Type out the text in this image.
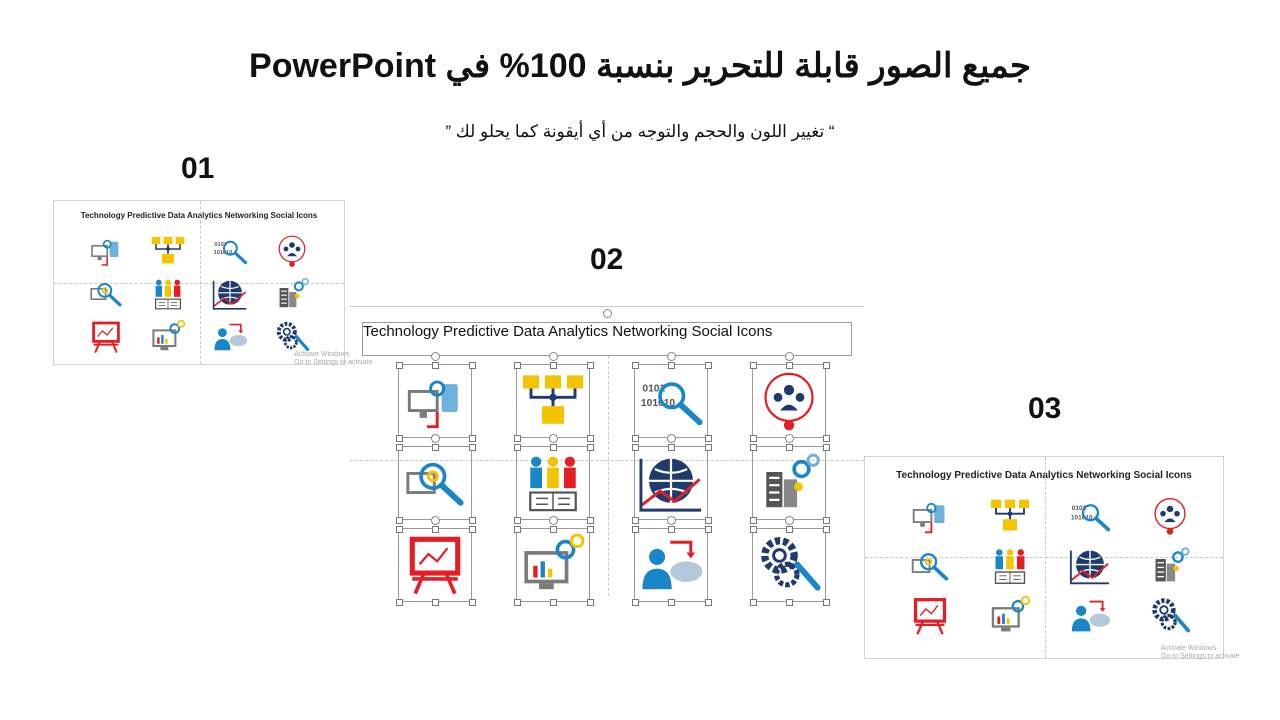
جميع الصور قابلة للتحرير بنسبة 100% في PowerPoint
“ تغيير اللون والحجم والتوجه من أي أيقونة كما يحلو لك ”
01
Technology Predictive Data Analytics Networking Social Icons
Activate Windows
Go to Settings to activate
0101
101010	02
Technology Predictive Data Analytics Networking Social Icons
0101
101010	03
Technology Predictive Data Analytics Networking Social Icons
Activate Windows
Go to Settings to activate
0101
101010
